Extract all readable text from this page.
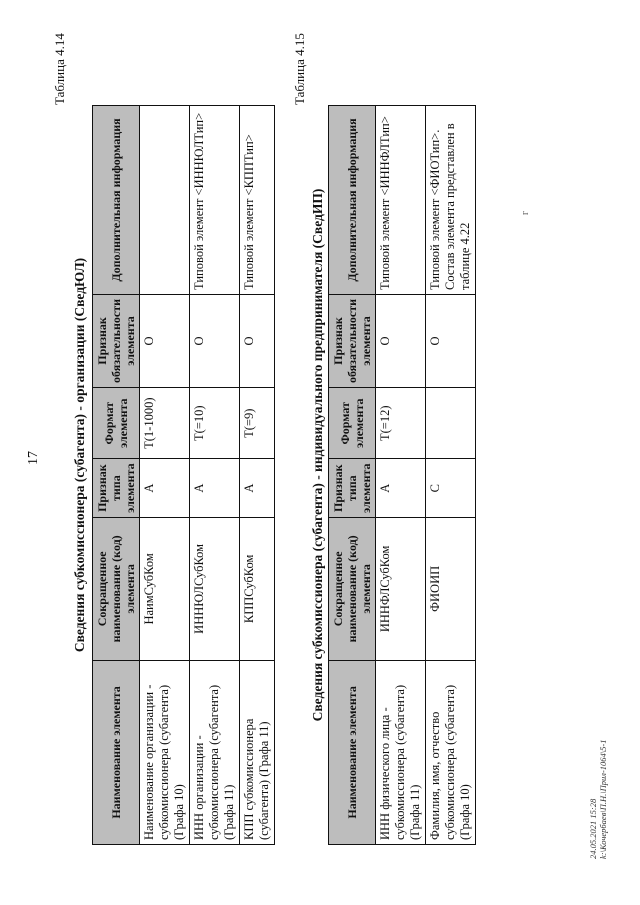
17
Таблица 4.14
Сведения субкомиссионера (субагента) - организации (СведЮЛ)
Наименование элемента	Сокращенное наименование (код) элемента	Признак типа элемента	Формат элемента	Признак обязательности элемента	Дополнительная информация
Наименование организации - субкомиссионера (субагента) (Графа 10)	НаимСубКом	А	T(1-1000)	О	
ИНН организации - субкомиссионера (субагента) (Графа 11)	ИННЮЛСубКом	А	T(=10)	О	Типовой элемент <ИННЮЛТип>
КПП субкомиссионера (субагента) (Графа 11)	КППСубКом	А	T(=9)	О	Типовой элемент <КППТип>
Таблица 4.15
Сведения субкомиссионера (субагента) - индивидуального предпринимателя (СведИП)
Наименование элемента	Сокращенное наименование (код) элемента	Признак типа элемента	Формат элемента	Признак обязательности элемента	Дополнительная информация
ИНН физического лица - субкомиссионера (субагента) (Графа 11)	ИННФЛСубКом	А	T(=12)	О	Типовой элемент <ИННФЛТип>
Фамилия, имя, отчество субкомиссионера (субагента) (Графа 10)	ФИОИП	С		О	Типовой элемент <ФИОТип>. Состав элемента представлен в таблице 4.22
24.05.2021 15:28 k:\Кочербаев\П.Н.\Прил-1064\5-1
г
